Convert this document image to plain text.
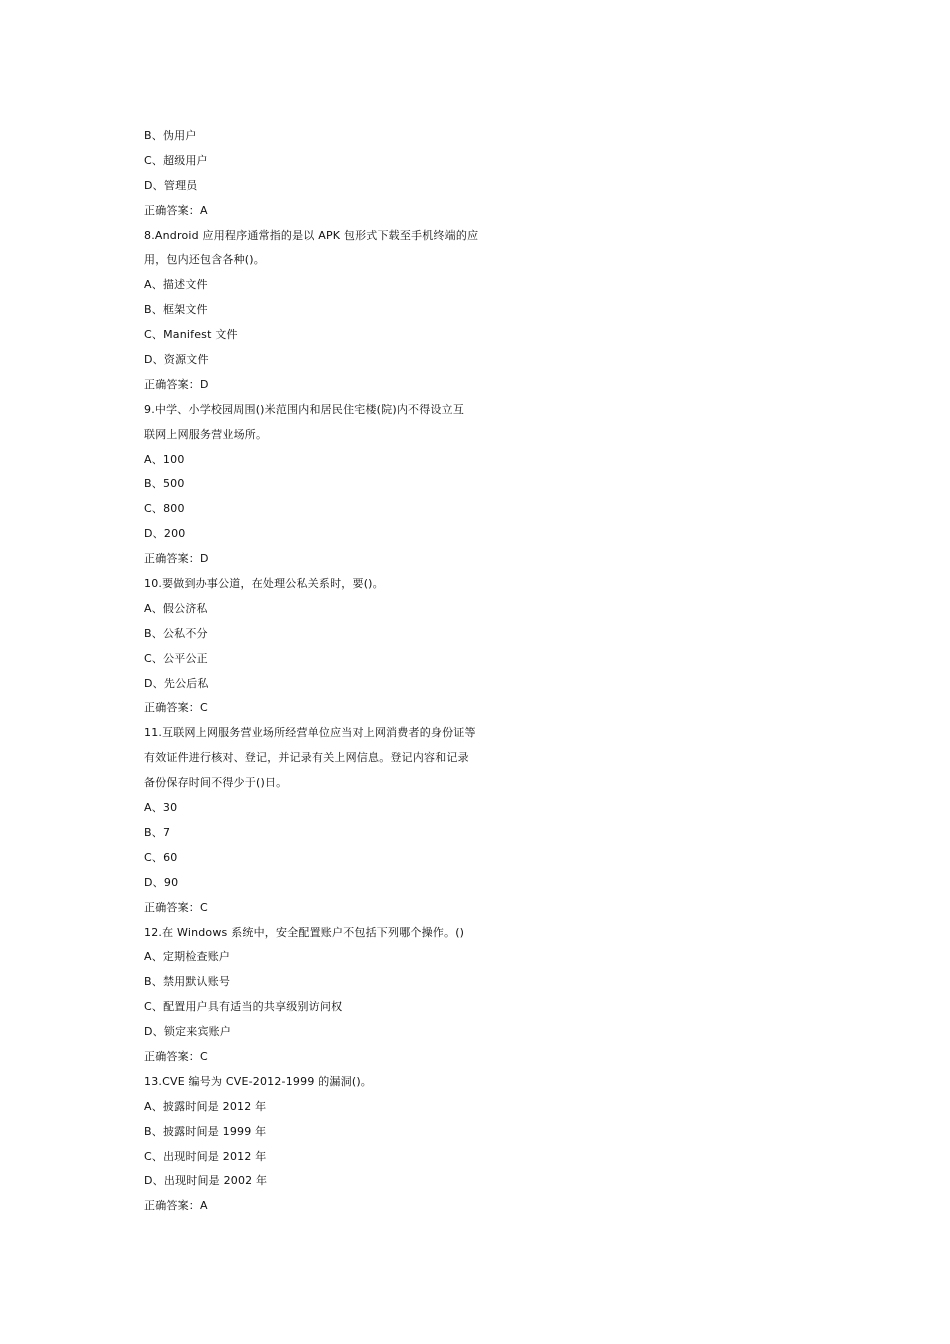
B、伪用户
C、超级用户
D、管理员
正确答案：A
8.Android 应用程序通常指的是以 APK 包形式下载至手机终端的应
用，包内还包含各种()。
A、描述文件
B、框架文件
C、Manifest 文件
D、资源文件
正确答案：D
9.中学、小学校园周围()米范围内和居民住宅楼(院)内不得设立互
联网上网服务营业场所。
A、100
B、500
C、800
D、200
正确答案：D
10.要做到办事公道，在处理公私关系时，要()。
A、假公济私
B、公私不分
C、公平公正
D、先公后私
正确答案：C
11.互联网上网服务营业场所经营单位应当对上网消费者的身份证等
有效证件进行核对、登记，并记录有关上网信息。登记内容和记录
备份保存时间不得少于()日。
A、30
B、7
C、60
D、90
正确答案：C
12.在 Windows 系统中，安全配置账户不包括下列哪个操作。()
A、定期检查账户
B、禁用默认账号
C、配置用户具有适当的共享级别访问权
D、锁定来宾账户
正确答案：C
13.CVE 编号为 CVE-2012-1999 的漏洞()。
A、披露时间是 2012 年
B、披露时间是 1999 年
C、出现时间是 2012 年
D、出现时间是 2002 年
正确答案：A
